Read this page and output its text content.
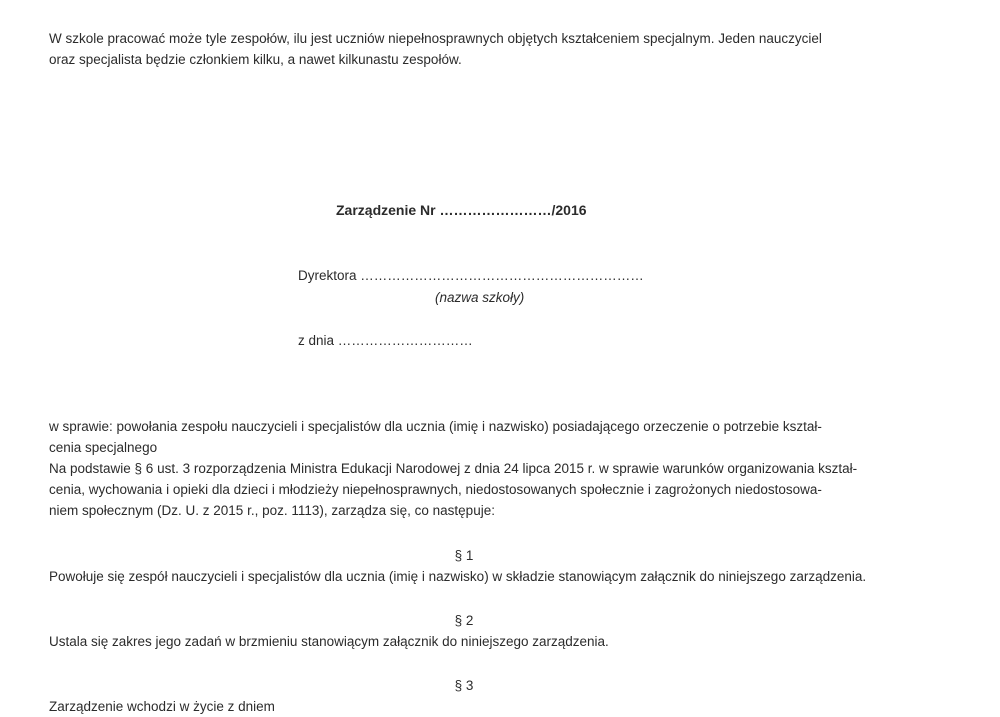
W szkole pracować może tyle zespołów, ilu jest uczniów niepełnosprawnych objętych kształceniem specjalnym. Jeden nauczyciel

oraz specjalista będzie członkiem kilku, a nawet kilkunastu zespołów.

Zarządzenie Nr ……………………/2016
Dyrektora ………………………………………………………
(nazwa szkoły)
z dnia …………………………

w sprawie: powołania zespołu nauczycieli i specjalistów dla ucznia (imię i nazwisko) posiadającego orzeczenie o potrzebie kształ-

cenia specjalnego

Na podstawie § 6 ust. 3 rozporządzenia Ministra Edukacji Narodowej z dnia 24 lipca 2015 r. w sprawie warunków organizowania kształ-

cenia, wychowania i opieki dla dzieci i młodzieży niepełnosprawnych, niedostosowanych społecznie i zagrożonych niedostosowa-

niem społecznym (Dz. U. z 2015 r., poz. 1113), zarządza się, co następuje:

§ 1

Powołuje się zespół nauczycieli i specjalistów dla ucznia (imię i nazwisko) w składzie stanowiącym załącznik do niniejszego zarządzenia.

§ 2

Ustala się zakres jego zadań w brzmieniu stanowiącym załącznik do niniejszego zarządzenia.

§ 3

Zarządzenie wchodzi w życie z dniem
